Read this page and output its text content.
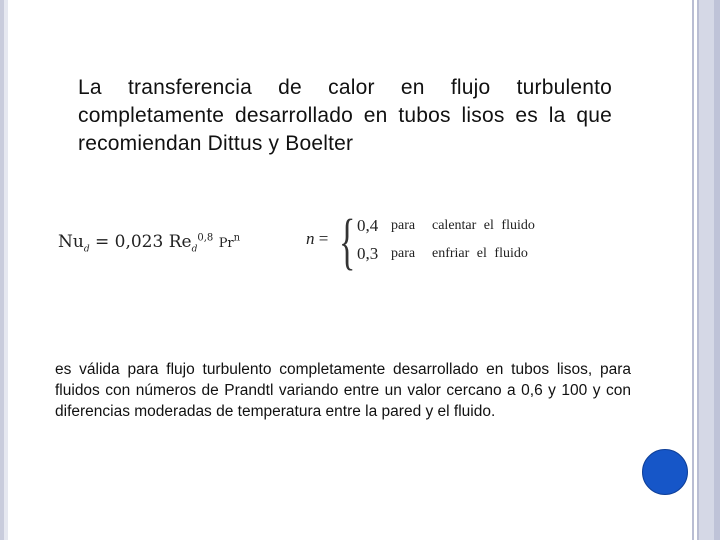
La transferencia de calor en flujo turbulento completamente desarrollado en tubos lisos es la que recomiendan Dittus y Boelter

$Nu_d = 0,023$ $Re_d^{0,8}$ Pr$^n$	n = { 0,4 para calentar el fluido
0,3 para enfriar el fluido

es válida para flujo turbulento completamente desarrollado en tubos lisos, para fluidos con números de Prandtl variando entre un valor cercano a 0,6 y 100 y con diferencias moderadas de temperatura entre la pared y el fluido.
